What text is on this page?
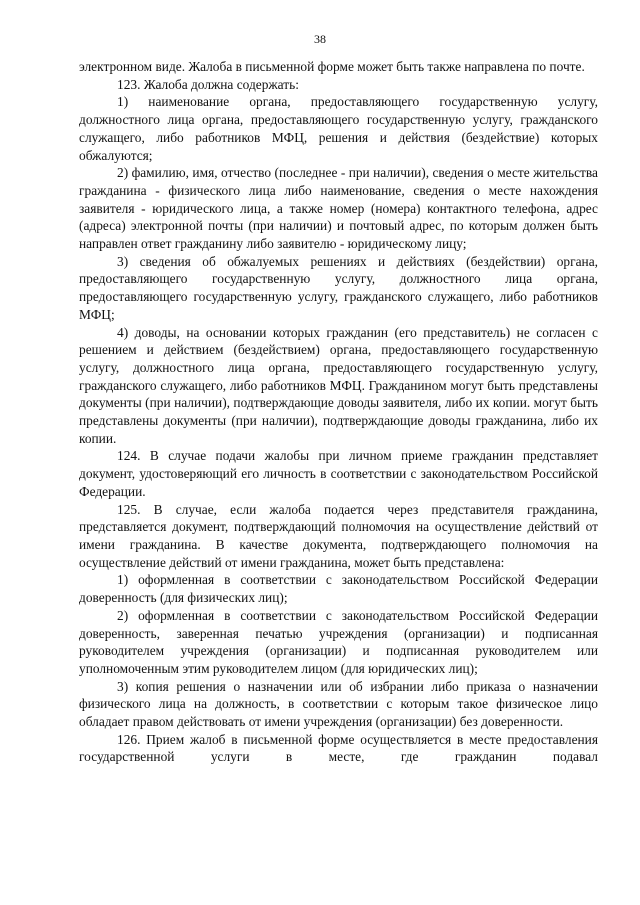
38

электронном виде. Жалоба в письменной форме может быть также направлена по почте.

123. Жалоба должна содержать:

1) наименование органа, предоставляющего государственную услугу, должностного лица органа, предоставляющего государственную услугу, гражданского служащего, либо работников МФЦ, решения и действия (бездействие) которых обжалуются;

2) фамилию, имя, отчество (последнее - при наличии), сведения о месте жительства гражданина - физического лица либо наименование, сведения о месте нахождения заявителя - юридического лица, а также номер (номера) контактного телефона, адрес (адреса) электронной почты (при наличии) и почтовый адрес, по которым должен быть направлен ответ гражданину либо заявителю - юридическому лицу;

3) сведения об обжалуемых решениях и действиях (бездействии) органа, предоставляющего государственную услугу, должностного лица органа, предоставляющего государственную услугу, гражданского служащего, либо работников МФЦ;

4) доводы, на основании которых гражданин (его представитель) не согласен с решением и действием (бездействием) органа, предоставляющего государственную услугу, должностного лица органа, предоставляющего государственную услугу, гражданского служащего, либо работников МФЦ. Гражданином могут быть представлены документы (при наличии), подтверждающие доводы заявителя, либо их копии. могут быть представлены документы (при наличии), подтверждающие доводы гражданина, либо их копии.

124. В случае подачи жалобы при личном приеме гражданин представляет документ, удостоверяющий его личность в соответствии с законодательством Российской Федерации.

125. В случае, если жалоба подается через представителя гражданина, представляется документ, подтверждающий полномочия на осуществление действий от имени гражданина. В качестве документа, подтверждающего полномочия на осуществление действий от имени гражданина, может быть представлена:

1) оформленная в соответствии с законодательством Российской Федерации доверенность (для физических лиц);

2) оформленная в соответствии с законодательством Российской Федерации доверенность, заверенная печатью учреждения (организации) и подписанная руководителем учреждения (организации) и подписанная руководителем или уполномоченным этим руководителем лицом (для юридических лиц);

3) копия решения о назначении или об избрании либо приказа о назначении физического лица на должность, в соответствии с которым такое физическое лицо обладает правом действовать от имени учреждения (организации) без доверенности.

126. Прием жалоб в письменной форме осуществляется в месте предоставления государственной услуги в месте, где гражданин подавал
